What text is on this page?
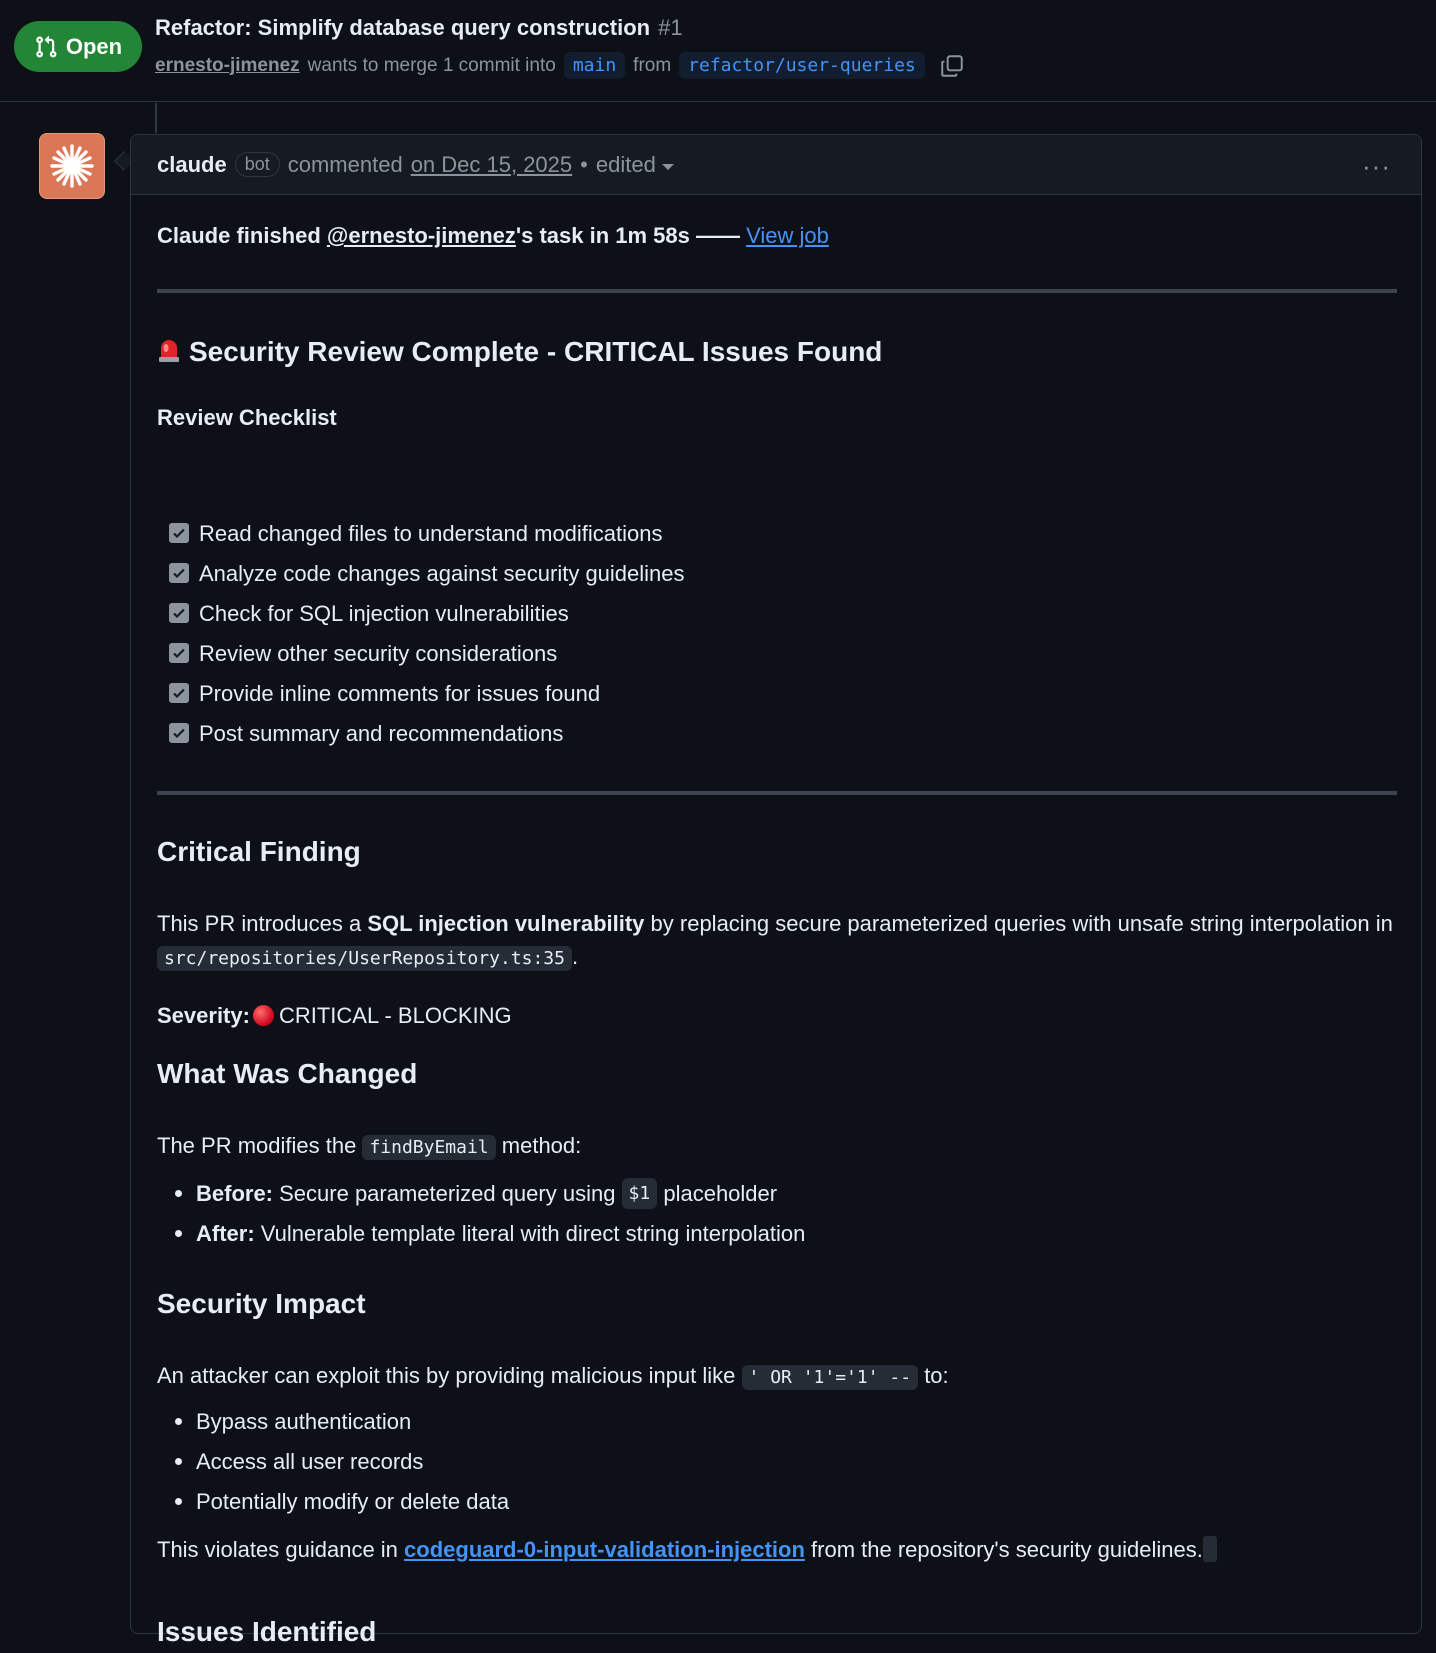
Open
Refactor: Simplify database query construction #1
ernesto-jimenez wants to merge 1 commit into main from refactor/user-queries
claude	bot commented on Dec 15, 2025 • edited	···
Claude finished @ernesto-jimenez's task in 1m 58s —— View job
Security Review Complete - CRITICAL Issues Found
Review Checklist
Read changed files to understand modifications
Analyze code changes against security guidelines
Check for SQL injection vulnerabilities
Review other security considerations
Provide inline comments for issues found
Post summary and recommendations
Critical Finding
This PR introduces a SQL injection vulnerability by replacing secure parameterized queries with unsafe string interpolation in src/repositories/UserRepository.ts:35 .
Severity: CRITICAL - BLOCKING
What Was Changed
The PR modifies the findByEmail method:
Before: Secure parameterized query using $1 placeholder
After: Vulnerable template literal with direct string interpolation
Security Impact
An attacker can exploit this by providing malicious input like ' OR '1'='1' -- to:
Bypass authentication
Access all user records
Potentially modify or delete data
This violates guidance in codeguard-0-input-validation-injection from the repository's security guidelines.
Issues Identified
